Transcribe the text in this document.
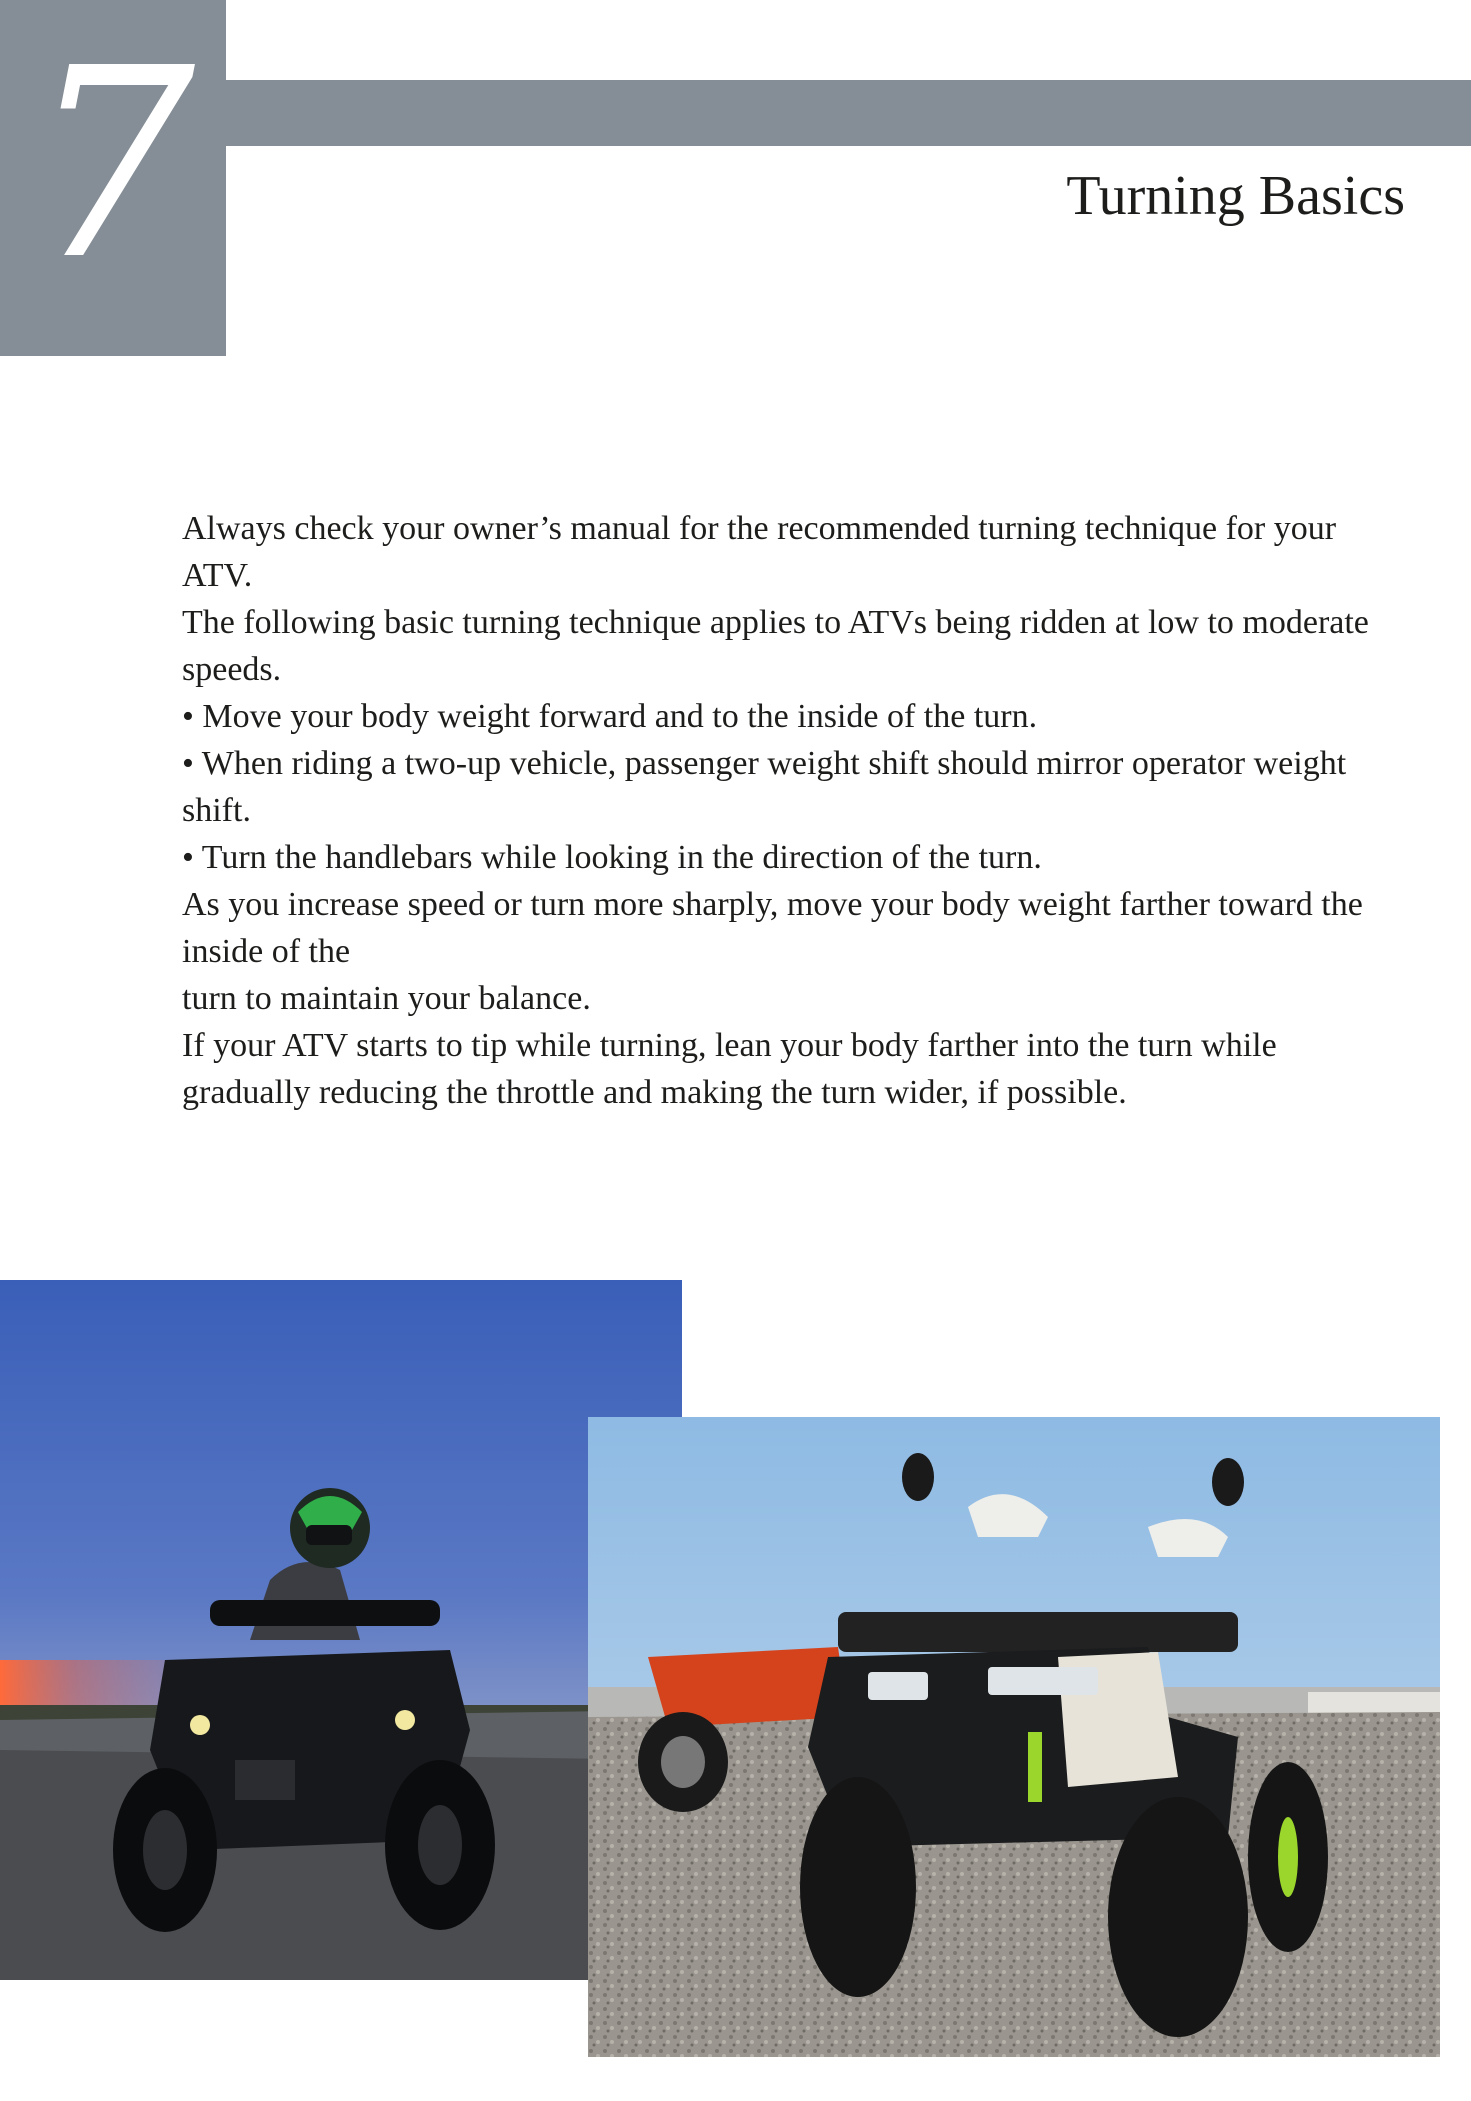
7	Turning Basics

Always check your owner’s manual for the recommended turning technique for your ATV.

The following basic turning technique applies to ATVs being ridden at low to moderate speeds.

• Move your body weight forward and to the inside of the turn.

• When riding a two-up vehicle, passenger weight shift should mirror operator weight shift.

• Turn the handlebars while looking in the direction of the turn.

As you increase speed or turn more sharply, move your body weight farther toward the inside of the

turn to maintain your balance.

If your ATV starts to tip while turning, lean your body farther into the turn while gradually reducing the throttle and making the turn wider, if possible.
